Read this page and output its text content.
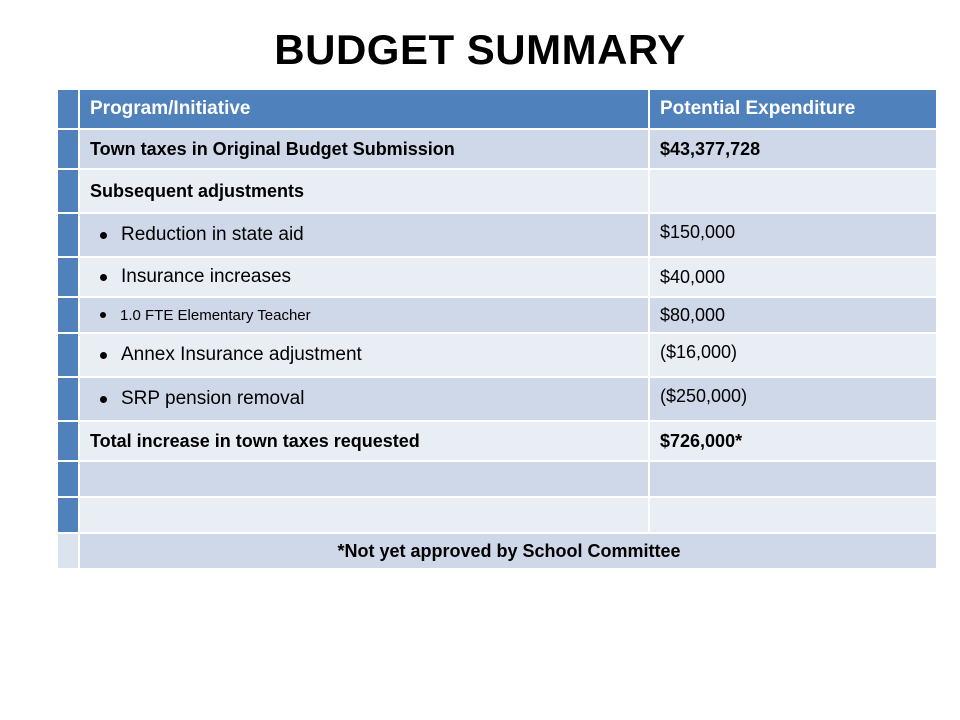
BUDGET SUMMARY
	Program/Initiative	Potential Expenditure
	Town taxes in Original Budget Submission	$43,377,728
	Subsequent adjustments	

	Reduction in state aid	$150,000

	Insurance increases	$40,000

	1.0 FTE Elementary Teacher	$80,000

	Annex Insurance adjustment	($16,000)

	SRP pension removal	($250,000)
	Total increase in town taxes requested	$726,000*

	*Not yet approved by School Committee	
